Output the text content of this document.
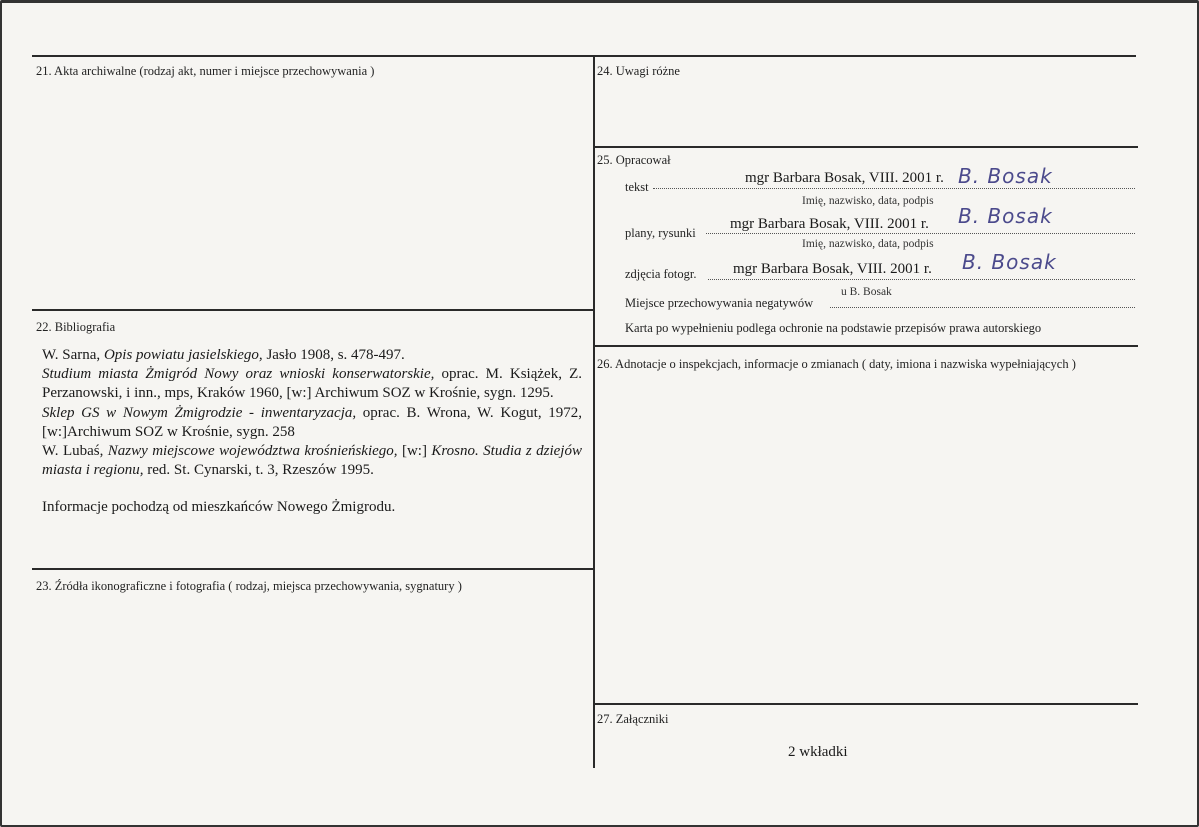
21. Akta archiwalne (rodzaj akt, numer i miejsce przechowywania )
22. Bibliografia

W. Sarna, Opis powiatu jasielskiego, Jasło 1908, s. 478-497.

Studium miasta Żmigród Nowy oraz wnioski konserwatorskie, oprac. M. Książek, Z. Perzanowski, i inn., mps, Kraków 1960, [w:] Archiwum SOZ w Krośnie, sygn. 1295.

Sklep GS w Nowym Żmigrodzie - inwentaryzacja, oprac. B. Wrona, W. Kogut, 1972, [w:]Archiwum SOZ w Krośnie, sygn. 258

W. Lubaś, Nazwy miejscowe województwa krośnieńskiego, [w:] Krosno. Studia z dziejów miasta i regionu, red. St. Cynarski, t. 3, Rzeszów 1995.

Informacje pochodzą od mieszkańców Nowego Żmigrodu.

23. Źródła ikonograficzne i fotografia ( rodzaj, miejsca przechowywania, sygnatury )
24. Uwagi różne
25. Opracował
tekst
mgr Barbara Bosak, VIII. 2001 r. B. Bosak
Imię, nazwisko, data, podpis
plany, rysunki
mgr Barbara Bosak, VIII. 2001 r. B. Bosak
Imię, nazwisko, data, podpis
zdjęcia fotogr. mgr Barbara Bosak, VIII. 2001 r. B. Bosak
Miejsce przechowywania negatywów
u B. Bosak
Karta po wypełnieniu podlega ochronie na podstawie przepisów prawa autorskiego
26. Adnotacje o inspekcjach, informacje o zmianach ( daty, imiona i nazwiska wypełniających )
27. Załączniki
2 wkładki
